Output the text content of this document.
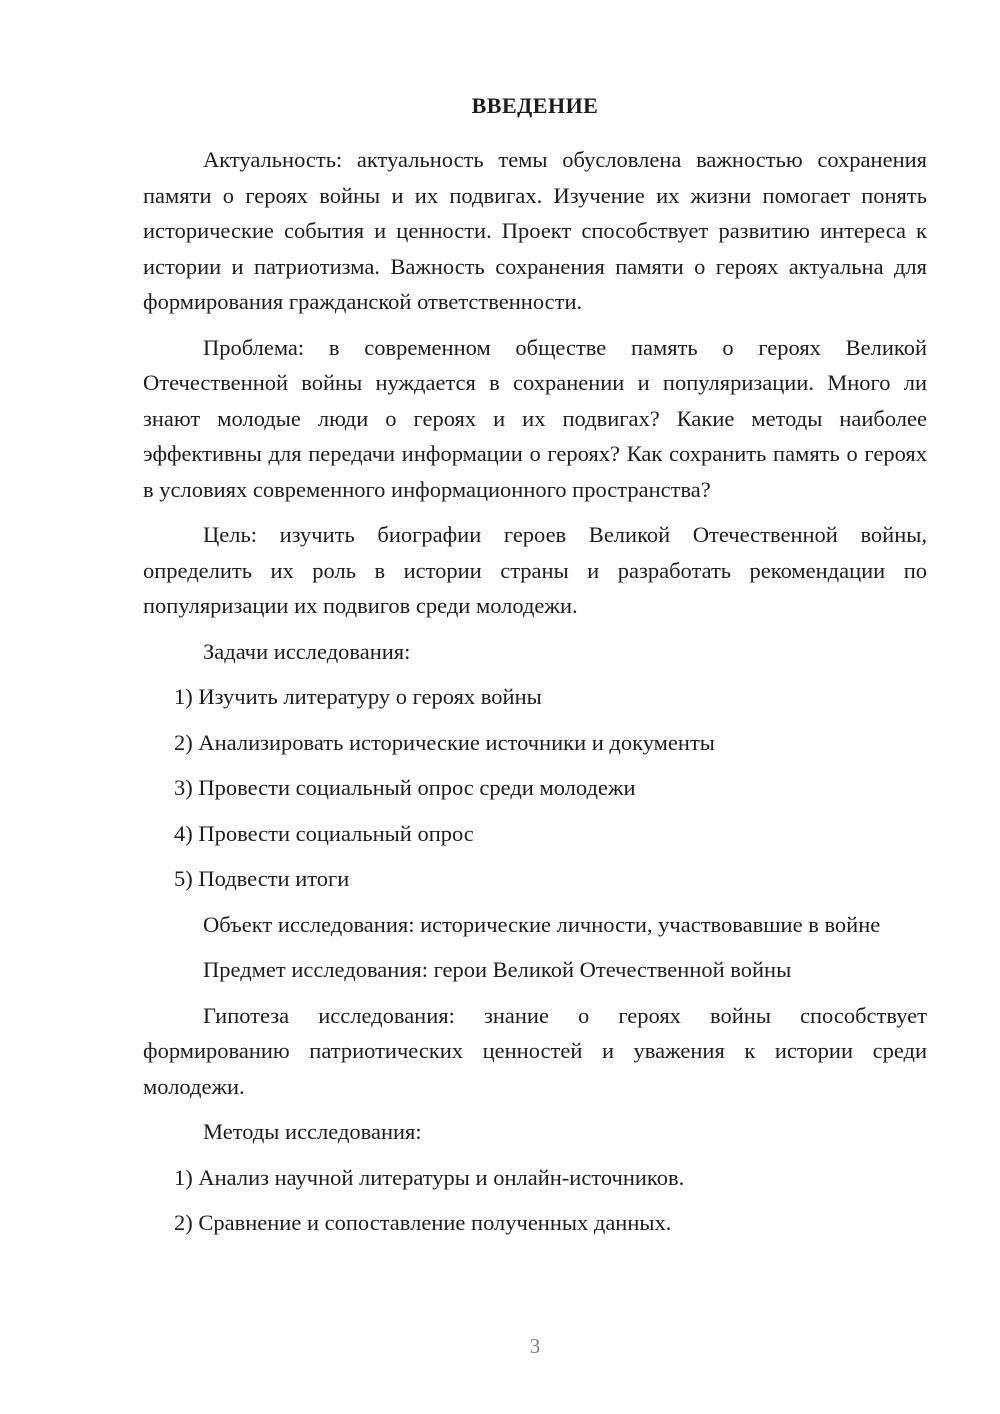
ВВЕДЕНИЕ

Актуальность: актуальность темы обусловлена важностью сохранения памяти о героях войны и их подвигах. Изучение их жизни помогает понять исторические события и ценности. Проект способствует развитию интереса к истории и патриотизма. Важность сохранения памяти о героях актуальна для формирования гражданской ответственности.

Проблема: в современном обществе память о героях Великой Отечественной войны нуждается в сохранении и популяризации. Много ли знают молодые люди о героях и их подвигах? Какие методы наиболее эффективны для передачи информации о героях? Как сохранить память о героях в условиях современного информационного пространства?

Цель: изучить биографии героев Великой Отечественной войны, определить их роль в истории страны и разработать рекомендации по популяризации их подвигов среди молодежи.

Задачи исследования:

1) Изучить литературу о героях войны

2) Анализировать исторические источники и документы

3) Провести социальный опрос среди молодежи

4) Провести социальный опрос

5) Подвести итоги

Объект исследования: исторические личности, участвовавшие в войне

Предмет исследования: герои Великой Отечественной войны

Гипотеза исследования: знание о героях войны способствует формированию патриотических ценностей и уважения к истории среди молодежи.

Методы исследования:

1) Анализ научной литературы и онлайн-источников.

2) Сравнение и сопоставление полученных данных.

3
